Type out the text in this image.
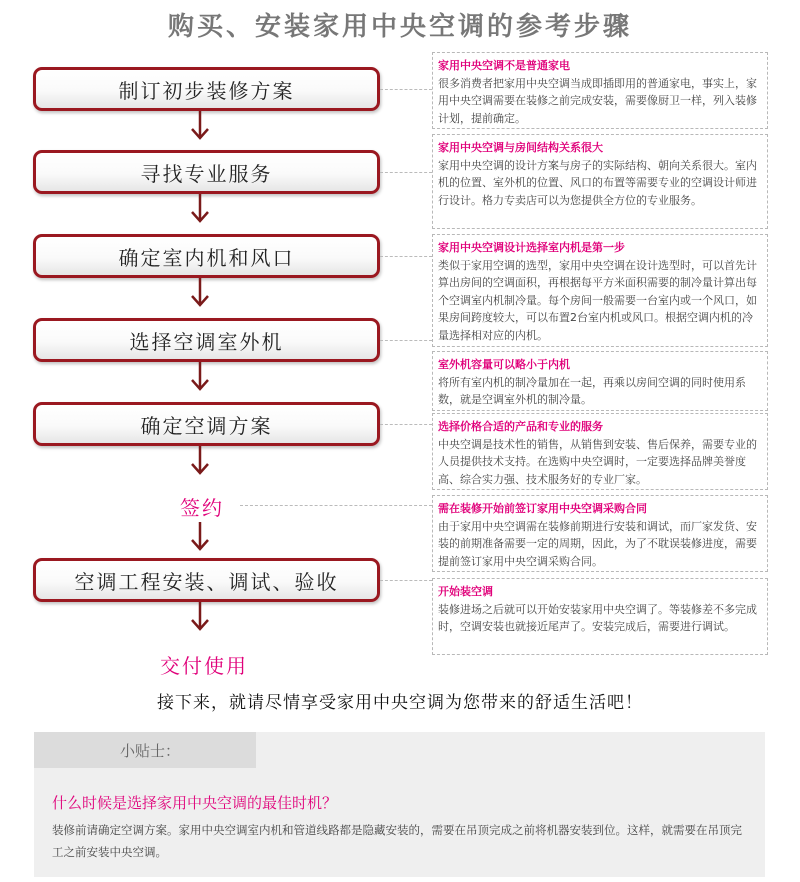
购买、安装家用中央空调的参考步骤
制订初步装修方案
寻找专业服务
确定室内机和风口
选择空调室外机
确定空调方案
签约
空调工程安装、调试、验收
交付使用
家用中央空调不是普通家电
很多消费者把家用中央空调当成即插即用的普通家电，事实上，家用中央空调需要在装修之前完成安装，需要像厨卫一样，列入装修计划，提前确定。
家用中央空调与房间结构关系很大
家用中央空调的设计方案与房子的实际结构、朝向关系很大。室内机的位置、室外机的位置、风口的布置等需要专业的空调设计师进行设计。格力专卖店可以为您提供全方位的专业服务。
家用中央空调设计选择室内机是第一步
类似于家用空调的选型，家用中央空调在设计选型时，可以首先计算出房间的空调面积，再根据每平方米面积需要的制冷量计算出每个空调室内机制冷量。每个房间一般需要一台室内或一个风口，如果房间跨度较大，可以布置2台室内机或风口。根据空调内机的冷量选择相对应的内机。
室外机容量可以略小于内机
将所有室内机的制冷量加在一起，再乘以房间空调的同时使用系数，就是空调室外机的制冷量。
选择价格合适的产品和专业的服务
中央空调是技术性的销售，从销售到安装、售后保养，需要专业的人员提供技术支持。在选购中央空调时，一定要选择品牌美誉度高、综合实力强、技术服务好的专业厂家。
需在装修开始前签订家用中央空调采购合同
由于家用中央空调需在装修前期进行安装和调试，而厂家发货、安装的前期准备需要一定的周期，因此，为了不耽误装修进度，需要提前签订家用中央空调采购合同。
开始装空调
装修进场之后就可以开始安装家用中央空调了。等装修差不多完成时，空调安装也就接近尾声了。安装完成后，需要进行调试。
接下来，就请尽情享受家用中央空调为您带来的舒适生活吧！
小贴士：
什么时候是选择家用中央空调的最佳时机？
装修前请确定空调方案。家用中央空调室内机和管道线路都是隐藏安装的，需要在吊顶完成之前将机器安装到位。这样，就需要在吊顶完工之前安装中央空调。
